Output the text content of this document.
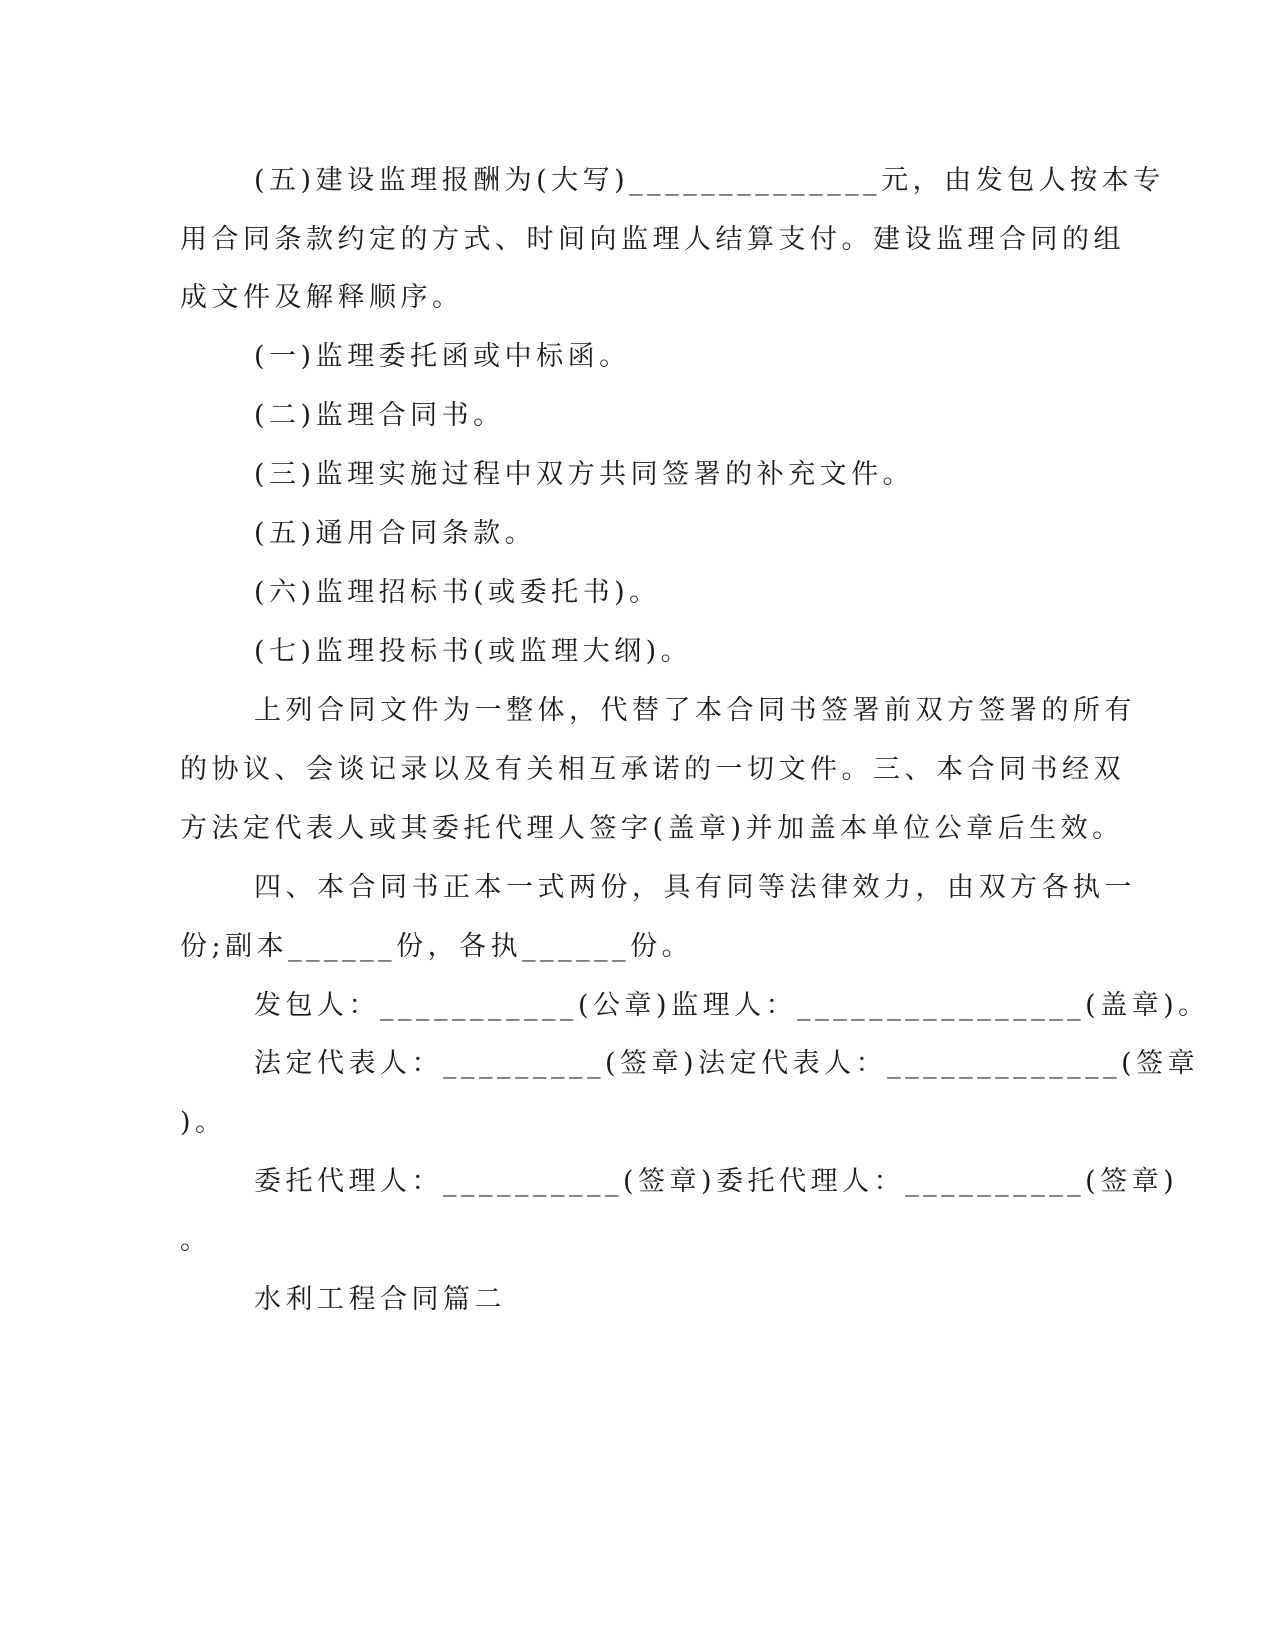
(五)建设监理报酬为(大写)______________元，由发包人按本专
用合同条款约定的方式、时间向监理人结算支付。建设监理合同的组
成文件及解释顺序。
(一)监理委托函或中标函。
(二)监理合同书。
(三)监理实施过程中双方共同签署的补充文件。
(五)通用合同条款。
(六)监理招标书(或委托书)。
(七)监理投标书(或监理大纲)。
上列合同文件为一整体，代替了本合同书签署前双方签署的所有
的协议、会谈记录以及有关相互承诺的一切文件。三、本合同书经双
方法定代表人或其委托代理人签字(盖章)并加盖本单位公章后生效。
四、本合同书正本一式两份，具有同等法律效力，由双方各执一
份;副本______份，各执______份。
发包人：___________(公章)监理人：________________(盖章)。
法定代表人：_________(签章)法定代表人：_____________(签章
)。
委托代理人：__________(签章)委托代理人：__________(签章)
。
水利工程合同篇二
